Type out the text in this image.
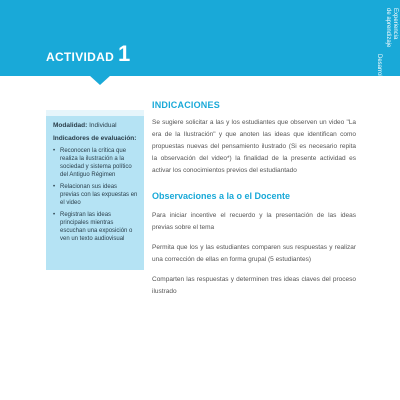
ACTIVIDAD 1
Experiencia
de aprendizaje
Desarrollo
Modalidad: Individual
Indicadores de evaluación:
• Reconocen la crítica que realiza la ilustración a la sociedad y sistema político del Antiguo Régimen
• Relacionan sus ideas previas con las expuestas en el video
• Registran las ideas principales mientras escuchan una exposición o ven un texto audiovisual
INDICACIONES

Se sugiere solicitar a las y los estudiantes que observen un video "La era de la Ilustración" y que anoten las ideas que identifican como propuestas nuevas del pensamiento ilustrado (Si es necesario repita la observación del video*) la finalidad de la presente actividad es activar los conocimientos previos del estudiantado

Observaciones a la o el Docente

Para iniciar incentive el recuerdo y la presentación de las ideas previas sobre el tema

Permita que los y las estudiantes comparen sus respuestas y realizar una corrección de ellas en forma grupal (5 estudiantes)

Comparten las respuestas y determinen tres ideas claves del proceso ilustrado
